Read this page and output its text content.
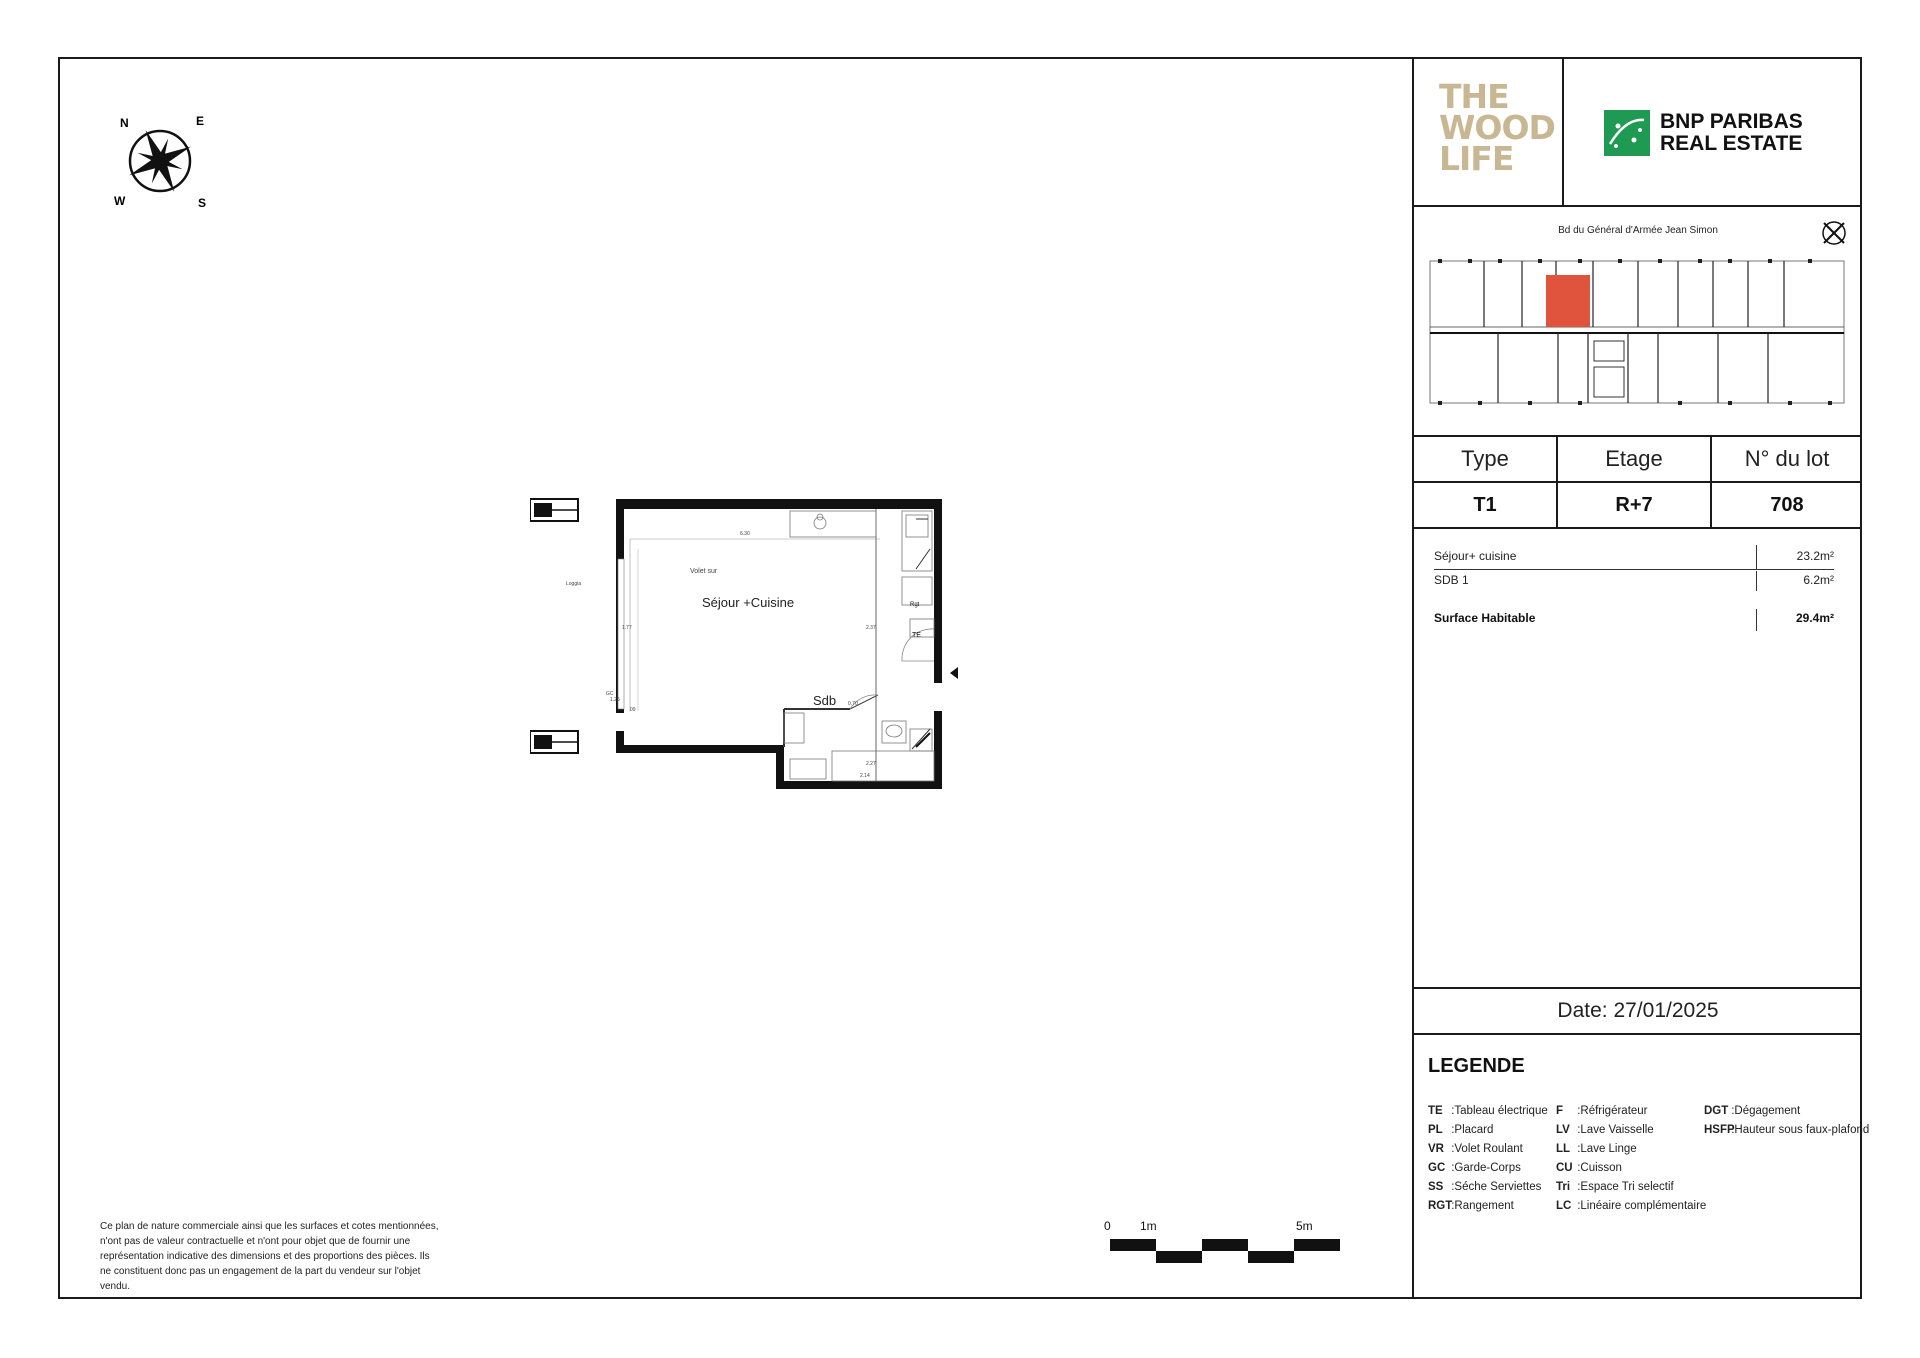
N	E
S
W
Volet sur
Loggia
TE
Rgt
F LL LV
GC
6.30
2.37
2.27
2.14
0.70
1.77
1.25
09
Séjour +Cuisine
Sdb
Ce plan de nature commerciale ainsi que les surfaces et cotes mentionnées, n'ont pas de valeur contractuelle et n'ont pour objet que de fournir une représentation indicative des dimensions et des proportions des pièces. Ils ne constituent donc pas un engagement de la part du vendeur sur l'objet vendu.
0 1m	5m
THE
WOOD
LIFE
BNP PARIBAS
REAL ESTATE
Bd du Général d'Armée Jean Simon
Type	Etage	N° du lot
T1	R+7	708
Séjour+ cuisine	23.2m²
SDB 1	6.2m²
Surface Habitable	29.4m²
Date: 27/01/2025
LEGENDE
TE :Tableau électrique
PL :Placard
VR :Volet Roulant
GC :Garde-Corps
SS :Séche Serviettes
RGT :Rangement
F :Réfrigérateur
LV :Lave Vaisselle
LL :Lave Linge
CU :Cuisson
Tri :Espace Tri selectif
LC :Linéaire complémentaire
DGT :Dégagement
HSFP :Hauteur sous faux-plafond
